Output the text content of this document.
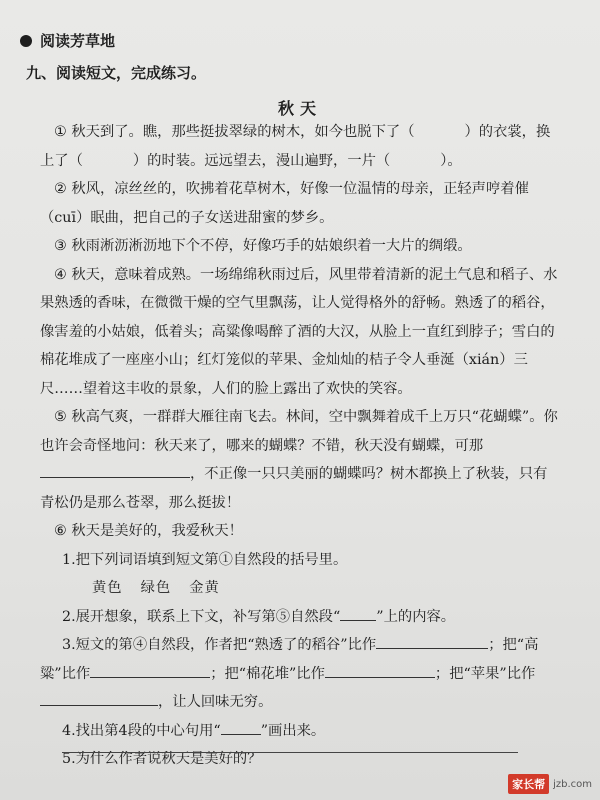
阅读芳草地
九、阅读短文，完成练习。
秋天

① 秋天到了。瞧，那些挺拔翠绿的树木，如今也脱下了（	）的衣裳，换上了（	）的时装。远远望去，漫山遍野，一片（	）。

② 秋风，凉丝丝的，吹拂着花草树木，好像一位温情的母亲，正轻声哼着催（cuī）眠曲，把自己的子女送进甜蜜的梦乡。

③ 秋雨淅沥淅沥地下个不停，好像巧手的姑娘织着一大片的绸缎。

④ 秋天，意味着成熟。一场绵绵秋雨过后，风里带着清新的泥土气息和稻子、水果熟透的香味，在微微干燥的空气里飘荡，让人觉得格外的舒畅。熟透了的稻谷，像害羞的小姑娘，低着头；高粱像喝醉了酒的大汉，从脸上一直红到脖子；雪白的棉花堆成了一座座小山；红灯笼似的苹果、金灿灿的桔子令人垂涎（xián）三尺……望着这丰收的景象，人们的脸上露出了欢快的笑容。

⑤ 秋高气爽，一群群大雁往南飞去。林间，空中飘舞着成千上万只“花蝴蝶”。你也许会奇怪地问：秋天来了，哪来的蝴蝶？不错，秋天没有蝴蝶，可那，不正像一只只美丽的蝴蝶吗？树木都换上了秋装，只有青松仍是那么苍翠，那么挺拔！

⑥ 秋天是美好的，我爱秋天！

1.把下列词语填到短文第①自然段的括号里。

黄色 绿色 金黄

2.展开想象，联系上下文，补写第⑤自然段“	”上的内容。

3.短文的第④自然段，作者把“熟透了的稻谷”比作	；把“高粱”比作	；把“棉花堆”比作	；把“苹果”比作，让人回味无穷。

4.找出第4段的中心句用“	”画出来。

5.为什么作者说秋天是美好的？

家长帮 jzb.com
